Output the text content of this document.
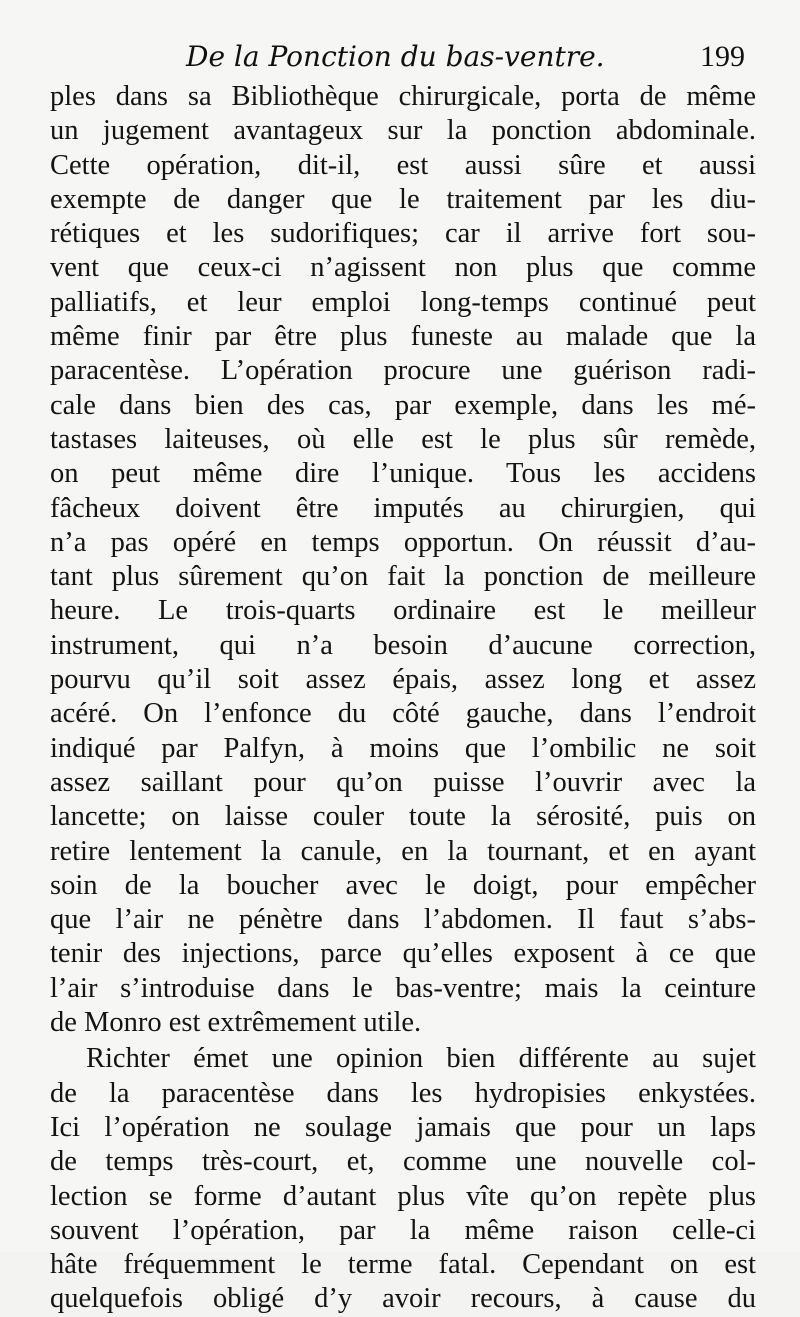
De la Ponction du bas-ventre.	199
ples dans sa Bibliothèque chirurgicale, porta de même
un jugement avantageux sur la ponction abdominale.
Cette opération, dit-il, est aussi sûre et aussi
exempte de danger que le traitement par les diu-
rétiques et les sudorifiques; car il arrive fort sou-
vent que ceux-ci n’agissent non plus que comme
palliatifs, et leur emploi long-temps continué peut
même finir par être plus funeste au malade que la
paracentèse. L’opération procure une guérison radi-
cale dans bien des cas, par exemple, dans les mé-
tastases laiteuses, où elle est le plus sûr remède,
on peut même dire l’unique. Tous les accidens
fâcheux doivent être imputés au chirurgien, qui
n’a pas opéré en temps opportun. On réussit d’au-
tant plus sûrement qu’on fait la ponction de meilleure
heure. Le trois-quarts ordinaire est le meilleur
instrument, qui n’a besoin d’aucune correction,
pourvu qu’il soit assez épais, assez long et assez
acéré. On l’enfonce du côté gauche, dans l’endroit
indiqué par Palfyn, à moins que l’ombilic ne soit
assez saillant pour qu’on puisse l’ouvrir avec la
lancette; on laisse couler toute la sérosité, puis on
retire lentement la canule, en la tournant, et en ayant
soin de la boucher avec le doigt, pour empêcher
que l’air ne pénètre dans l’abdomen. Il faut s’abs-
tenir des injections, parce qu’elles exposent à ce que
l’air s’introduise dans le bas-ventre; mais la ceinture
de Monro est extrêmement utile.
Richter émet une opinion bien différente au sujet
de la paracentèse dans les hydropisies enkystées.
Ici l’opération ne soulage jamais que pour un laps
de temps très-court, et, comme une nouvelle col-
lection se forme d’autant plus vîte qu’on repète plus
souvent l’opération, par la même raison celle-ci
hâte fréquemment le terme fatal. Cependant on est
quelquefois obligé d’y avoir recours, à cause du
